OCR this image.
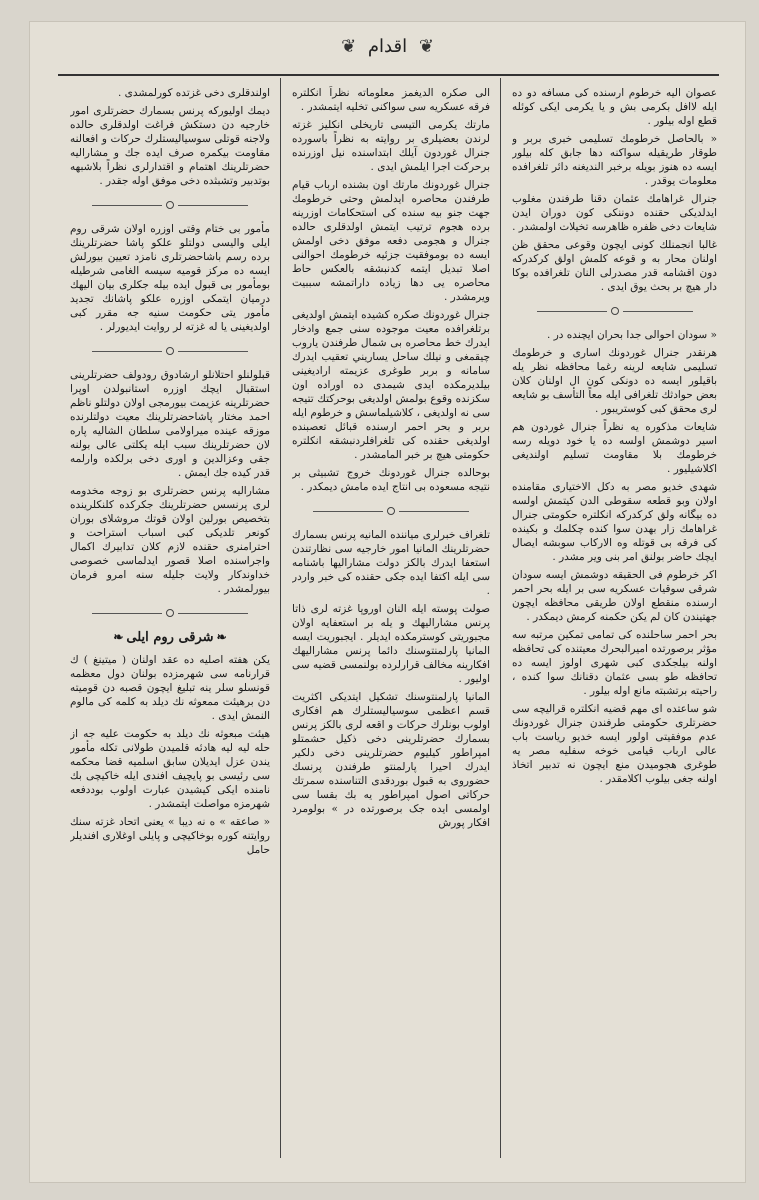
❦ اقدام ❦

عصوان الیه خرطوم ارسنده کی مسافه دو ده ایله لاافل بکرمی بش و یا یکرمی ایکی کوئله قطع اوله بیلور .

« بالحاصل خرطومك تسلیمی خبری بربر و طوقار طریقیله سواکنه دها جابق کله بیلور ایسه ده هنوز بویله برخبر الندیغنه دائر تلغرافده معلومات یوقدر .

جنرال غراهامك عثمان دقنا طرفندن مغلوب ایدلدیکی حقنده دوننکی کون دوران ایدن شایعات دخی ظفره ظاهرسه تخیلات اولمشدر .

غالبا انجمنلك کونی ایچون وقوعی محقق ظن اولنان محار به و قوعه کلمش اولق کرکدرکه دون اقشامه قدر مصدرلی النان تلغرافده بوکا دار هیچ بر بحث یوق ایدی .

« سودان احوالی جدا بحران ایچنده در .

هرنقدر جنرال غوردونك اساری و خرطومك تسلیمی شایعه لرینه رغما محافظه نظر یله باقیلور ایسه ده دونکی کون ال اولنان کلان بعض حوادثك تلغرافی ایله معاً التأسف بو شایعه لری محقق کبی کوستریبور .

شایعات مذکوره یه نظراً جنرال غوردون هم اسیر دوشمش اولسه ده یا خود دویله رسه خرطومك بلا مقاومت تسلیم اولندیغی اکلاشیلیور .

شهدی خدیو مصر به دکل الاختیاری مقامنده اولان وبو قطعه سقوطی الدن کیتمش اولسه ده بیگانه ولق کرکدرکه انکلتره حکومتی جنرال غراهامك زار بهدن سوا کنده چکلمك و بکینده کی فرقه بی قوتله وه الارکاب سوبشه ایصال ایچك حاضر بولنق امر بنی ویر مشدر .

اکر خرطوم فی الحقیقه دوشمش ایسه سودان شرقی سوقیات عسکریه سی بر ایله بحر احمر ارسنده منقطع اولان طریقی محافظه ایچون جهتیندن کان لم یکن حکمنه کرمش دیمکدر .

بحر احمر ساحلنده کی تمامی تمکین مرتبه سه مؤثر برصورتده امیرالبحرك معیتنده کی تحافظه اولنه بیلجکدی کبی شهری اولوز ایسه ده تحافظه طو بسی عثمان دقنانك سوا کنده ، راحیته برتشبته مانع اوله بیلور .

شو ساعتده ای مهم قضیه انکلتره قرالیچه سی حضرتلری حکومتی طرفندن جنرال غوردونك عدم موفقیتی اولور ایسه خدیو ریاست باب عالی ارباب قیامی خوخه سفلیه مصر یه طوغری هجومیدن منع ایچون نه تدبیر اتخاذ اولنه جغی بیلوب اکلامقدر .

الی صکره الدیغمز معلوماته نظراً انکلتره فرقه عسکریه سی سواکنی تخلیه ایتمشدر .

مارتك یکرمی التیسی تاریخلی انکلیز غزته لرندن بعضیلری بر روایته به نظراً باسورده جنرال غوردون آیلك ابتداسنده نیل اوزرنده برحرکت اجرا ایلمش ایدی .

جنرال غوردونك مارتك اون بشنده ارباب قیام طرفندن محاصره ایدلمش وحتی خرطومك جهت جنو بیه سنده کی استحکامات اوزرینه برده هجوم ترتیب ایتمش اولدقلری حالده جنرال و هجومی دفعه موفق دخی اولمش ایسه ده بوموفقیت جزئیه خرطومك احوالنی اصلا تبدیل ایتمه کدنبشقه بالعکس حاط محاصره یی دها زیاده داراتمشه سببیت ویرمشدر .

جنرال غوردونك صکره کشیده ایتمش اولدیغی برتلغرافده معیت موجوده سنی جمع وادخار ایدرك خط محاصره بی شمال طرفندن یاروب چیقمغی و نیلك ساحل یساریني تعقیب ایدرك سامانه و بربر طوغری عزیمته ارادیغینی بیلدیرمکده ایدی شیمدی ده اوراده اون سکزنده وقوع بولمش اولدیغی بوحرکتك تتیجه سی نه اولدیغی ، کلاشیلماسش و خرطوم ایله بربر و بحر احمر ارسنده قبائل تعصبنده اولدیغی حقنده کی تلغرافلردنبشقه انکلتره حکومتی هیچ بر خبر المامشدر .

بوحالده جنرال غوردونك خروج تشبیثی بر نتیجه مسعوده بی انتاج ایده مامش دیمکدر .

تلغراف خبرلری میاننده المانیه پرنس بسمارك حضرتلرینك المانیا امور خارجیه سی نظارتندن استعفا ایدرك بالکز دولت مشارالیها باشنامه سی ایله اکتفا ایده جکی حقنده کی خبر واردر .

صولت پوسته ایله النان اوروپا غزته لری ذاتا پرنس مشارالیهك و یله بر استعفایه اولان مجبوریتی کوسترمکده ایدیلر . ایجبوریت ایسه المانیا پارلمنتوسنك دائما پرنس مشارالیهك افکارینه مخالف قرارلرده بولنمسی قضیه سی اولیور .

المانیا پارلمنتوسنك تشکیل ایتدیکی اکثریت قسم اعظمی سوسیالیستلرك هم افکاری اولوب بونلرك حرکات و اقعه لری بالکز پرنس بسمارك حضرتلرینی دخی ذکیل حشمتلو امپراطور کیلیوم حضرتلرینی دخی دلکیر ایدرك احیرا پارلمنتو طرفندن پرنسك حضوروی به قبول بوردقدی التناسنده سمرتك حرکاتی اصول امپراطور یه بك بقسا سی اولمسی ایده جک برصورتده در » بولومرد افکار پورش

اولندقلری دخی غزتده کورلمشدی .

دیمك اولیورکه پرنس بسمارك حضرتلری امور خارجیه دن دستکش فراغت اولدقلری حالده ولاجنه قوتلی سوسیالیستلرك حرکات و افعالنه مقاومت بیکمره صرف ایده جك و مشارالیه حضرتلرینك اهتمام و اقتدارلری نظراً بلاشبهه بوتدبیر وتشبثده دخی موفق اوله جقدر .

مأمور بی ختام وقتی اوزره اولان شرقی روم ایلی والیسی دولتلو علکو پاشا حضرتلرینك برده رسم باشاحضرتلری نامزد تعیین بیورلش ایسه ده مرکز قومیه سیسه الغامی شرطیله بومأمور بی قبول ایده بیله جکلری بیان الیهك درمیان ایتمکی اوزره علکو پاشانك تجدید مأمور یتی حکومت سنیه جه مقرر کبی اولدیغینی یا له غزته لر روایت ایدیورلر .

قبلولنلو احتلانلو ارشادوق رودولف حضرتلرینی استقبال ایچك اوزره استانبولدن اوپرا حضرتلرینه عزیمت بیورمجی اولان دولتلو ناظم احمد مختار پاشاحضرتلرینك معیت دولتلرنده موزقه عینده میراولامی سلطان الشالیه پاره لان حضرتلرینك سبب ایله یکلتی عالی بولنه جقی وعزالدین و اوری دخی برلکده وارلمه قدر کیده جك ایمش .

مشارالیه پرنس حضرتلری بو زوجه مخدومه لری پرنسس حضرتلرینك جکرکده کلنکلرینده بتخصیص بورلین اولان قوتك مروشلای بوران کونعر تلدیکی کبی اسباب استراحت و احترامنری حقنده لازم کلان تدابیرك اکمال واجراسنده اصلا قصور ایدلماسی خصوصی خداوندکار ولایت جلیله سنه امرو فرمان بیورلمشدر .

❧شرقی روم ایلی❧

یکن هفته اصلیه ده عقد اولنان ( میتینغ ) ك قرارنامه سی شهرمزده بولنان دول معظمه قونسلو سلر ینه تبلیغ ایچون قصبه دن قومیته دن برهیئت ممعوثه نك دیلد به کلمه کی مالوم النمش ایدی .

هیئت مبعوثه نك دیلد به حکومت علیه جه از حله لیه لیه هادئه قلمیدن طولانی تکله مأمور یندن عزل ایدیلان سابق اسلمیه قضا محکمه سی رئیسی بو پایچیف افندی ایله خاکیچی بك نامنده ایکی کیشیدن عبارت اولوب بوددفعه شهرمزه مواصلت ایتمشدر .

« صاعقه » ه نه دیبا » یعنی اتحاد غزته سنك روایتنه کوره بوخاکیچی و پایلی اوغلاری افندیلر حامل
